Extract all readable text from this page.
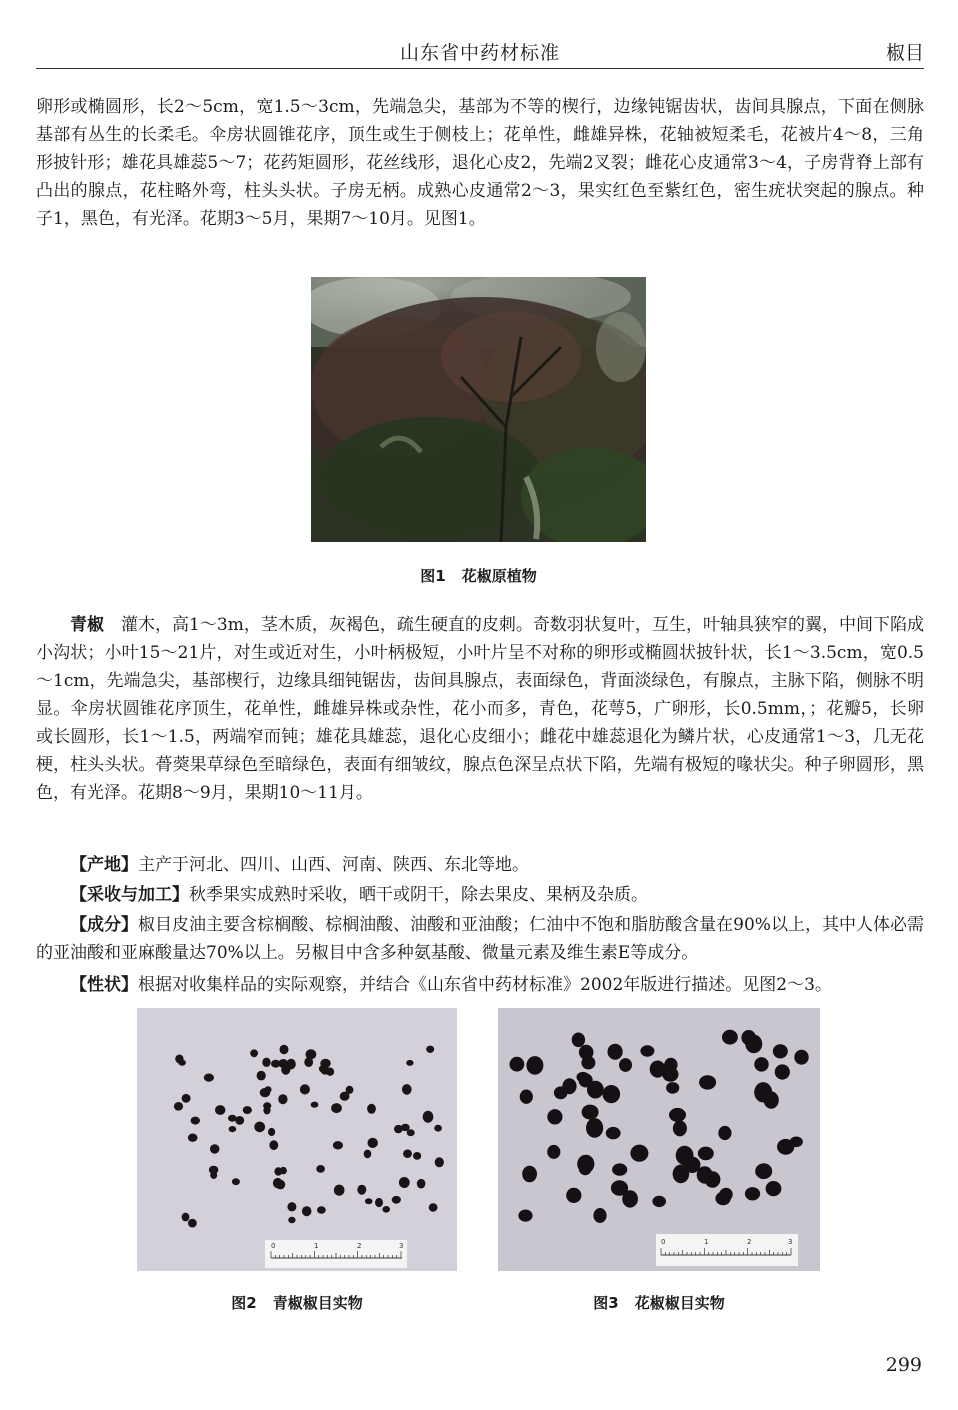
山东省中药材标准	椒目

卵形或椭圆形，长2～5cm，宽1.5～3cm，先端急尖，基部为不等的楔行，边缘钝锯齿状，齿间具腺点，下面在侧脉基部有丛生的长柔毛。伞房状圆锥花序，顶生或生于侧枝上；花单性，雌雄异株，花轴被短柔毛，花被片4～8，三角形披针形；雄花具雄蕊5～7；花药矩圆形，花丝线形，退化心皮2，先端2叉裂；雌花心皮通常3～4，子房背脊上部有凸出的腺点，花柱略外弯，柱头头状。子房无柄。成熟心皮通常2～3，果实红色至紫红色，密生疣状突起的腺点。种子1，黑色，有光泽。花期3～5月，果期7～10月。见图1。

图1 花椒原植物

青椒　 灌木，高1～3m，茎木质，灰褐色，疏生硬直的皮刺。奇数羽状复叶，互生，叶轴具狭窄的翼，中间下陷成小沟状；小叶15～21片，对生或近对生，小叶柄极短，小叶片呈不对称的卵形或椭圆状披针状，长1～3.5cm，宽0.5～1cm，先端急尖，基部楔行，边缘具细钝锯齿，齿间具腺点，表面绿色，背面淡绿色，有腺点，主脉下陷，侧脉不明显。伞房状圆锥花序顶生，花单性，雌雄异株或杂性，花小而多，青色，花萼5，广卵形，长0.5mm，；花瓣5，长卵或长圆形，长1～1.5，两端窄而钝；雄花具雄蕊，退化心皮细小；雌花中雄蕊退化为鳞片状，心皮通常1～3，几无花梗，柱头头状。蓇葖果草绿色至暗绿色，表面有细皱纹，腺点色深呈点状下陷，先端有极短的喙状尖。种子卵圆形，黑色，有光泽。花期8～9月，果期10～11月。

【产地】主产于河北、四川、山西、河南、陕西、东北等地。

【采收与加工】秋季果实成熟时采收，晒干或阴干，除去果皮、果柄及杂质。

【成分】椒目皮油主要含棕榈酸、棕榈油酸、油酸和亚油酸；仁油中不饱和脂肪酸含量在90%以上，其中人体必需的亚油酸和亚麻酸量达70%以上。另椒目中含多种氨基酸、微量元素及维生素E等成分。

【性状】根据对收集样品的实际观察，并结合《山东省中药材标准》2002年版进行描述。见图2～3。

0	1	2	3
图2 青椒椒目实物
0	1	2	3
图3 花椒椒目实物
299
